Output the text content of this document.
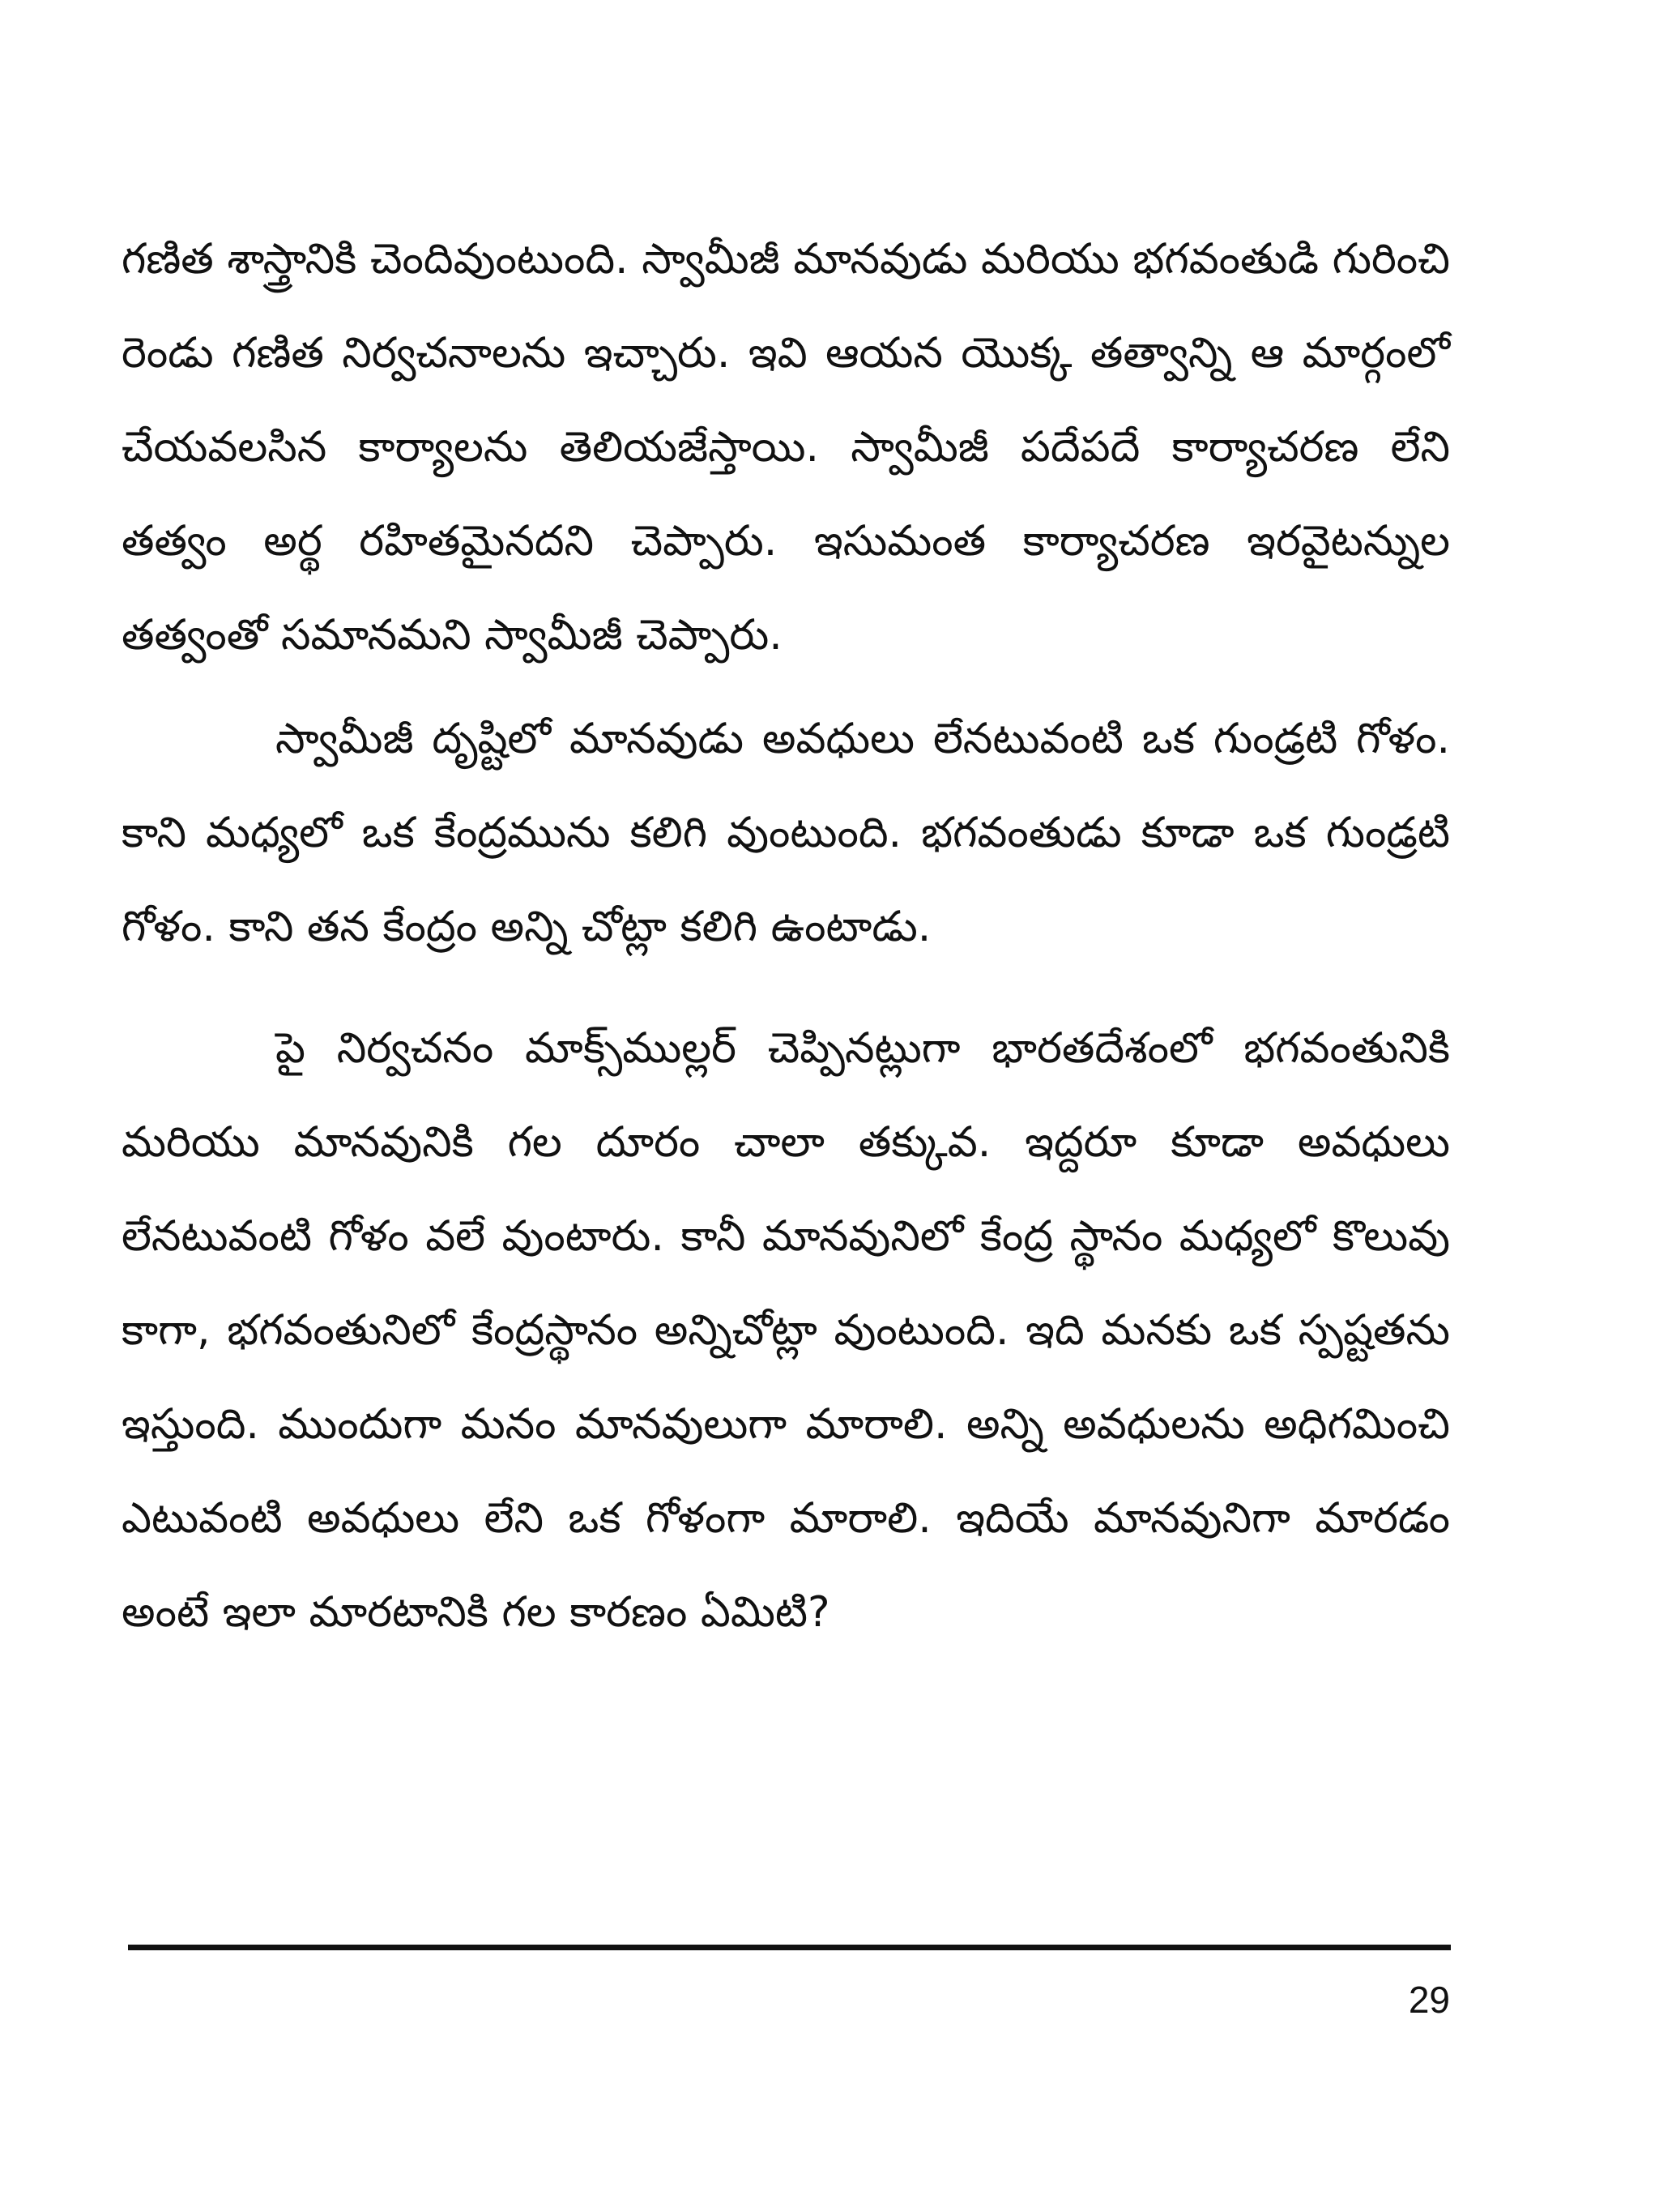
గణిత శాస్త్రానికి చెందివుంటుంది. స్వామీజీ మానవుడు మరియు భగవంతుడి గురించి రెండు గణిత నిర్వచనాలను ఇచ్చారు. ఇవి ఆయన యొక్క తత్వాన్ని ఆ మార్గంలో చేయవలసిన కార్యాలను తెలియజేస్తాయి. స్వామీజీ పదేపదే కార్యాచరణ లేని తత్వం అర్థ రహితమైనదని చెప్పారు. ఇసుమంత కార్యాచరణ ఇరవైటన్నుల తత్వంతో సమానమని స్వామీజీ చెప్పారు.

స్వామీజీ దృష్టిలో మానవుడు అవధులు లేనటువంటి ఒక గుండ్రటి గోళం. కాని మధ్యలో ఒక కేంద్రమును కలిగి వుంటుంది. భగవంతుడు కూడా ఒక గుండ్రటి గోళం. కాని తన కేంద్రం అన్ని చోట్లా కలిగి ఉంటాడు.

పై నిర్వచనం మాక్స్‌ముల్లర్ చెప్పినట్లుగా భారతదేశంలో భగవంతునికి మరియు మానవునికి గల దూరం చాలా తక్కువ. ఇద్దరూ కూడా అవధులు లేనటువంటి గోళం వలే వుంటారు. కానీ మానవునిలో కేంద్ర స్థానం మధ్యలో కొలువు కాగా, భగవంతునిలో కేంద్రస్థానం అన్నిచోట్లా వుంటుంది. ఇది మనకు ఒక స్పష్టతను ఇస్తుంది. ముందుగా మనం మానవులుగా మారాలి. అన్ని అవధులను అధిగమించి ఎటువంటి అవధులు లేని ఒక గోళంగా మారాలి. ఇదియే మానవునిగా మారడం అంటే ఇలా మారటానికి గల కారణం ఏమిటి?

29
